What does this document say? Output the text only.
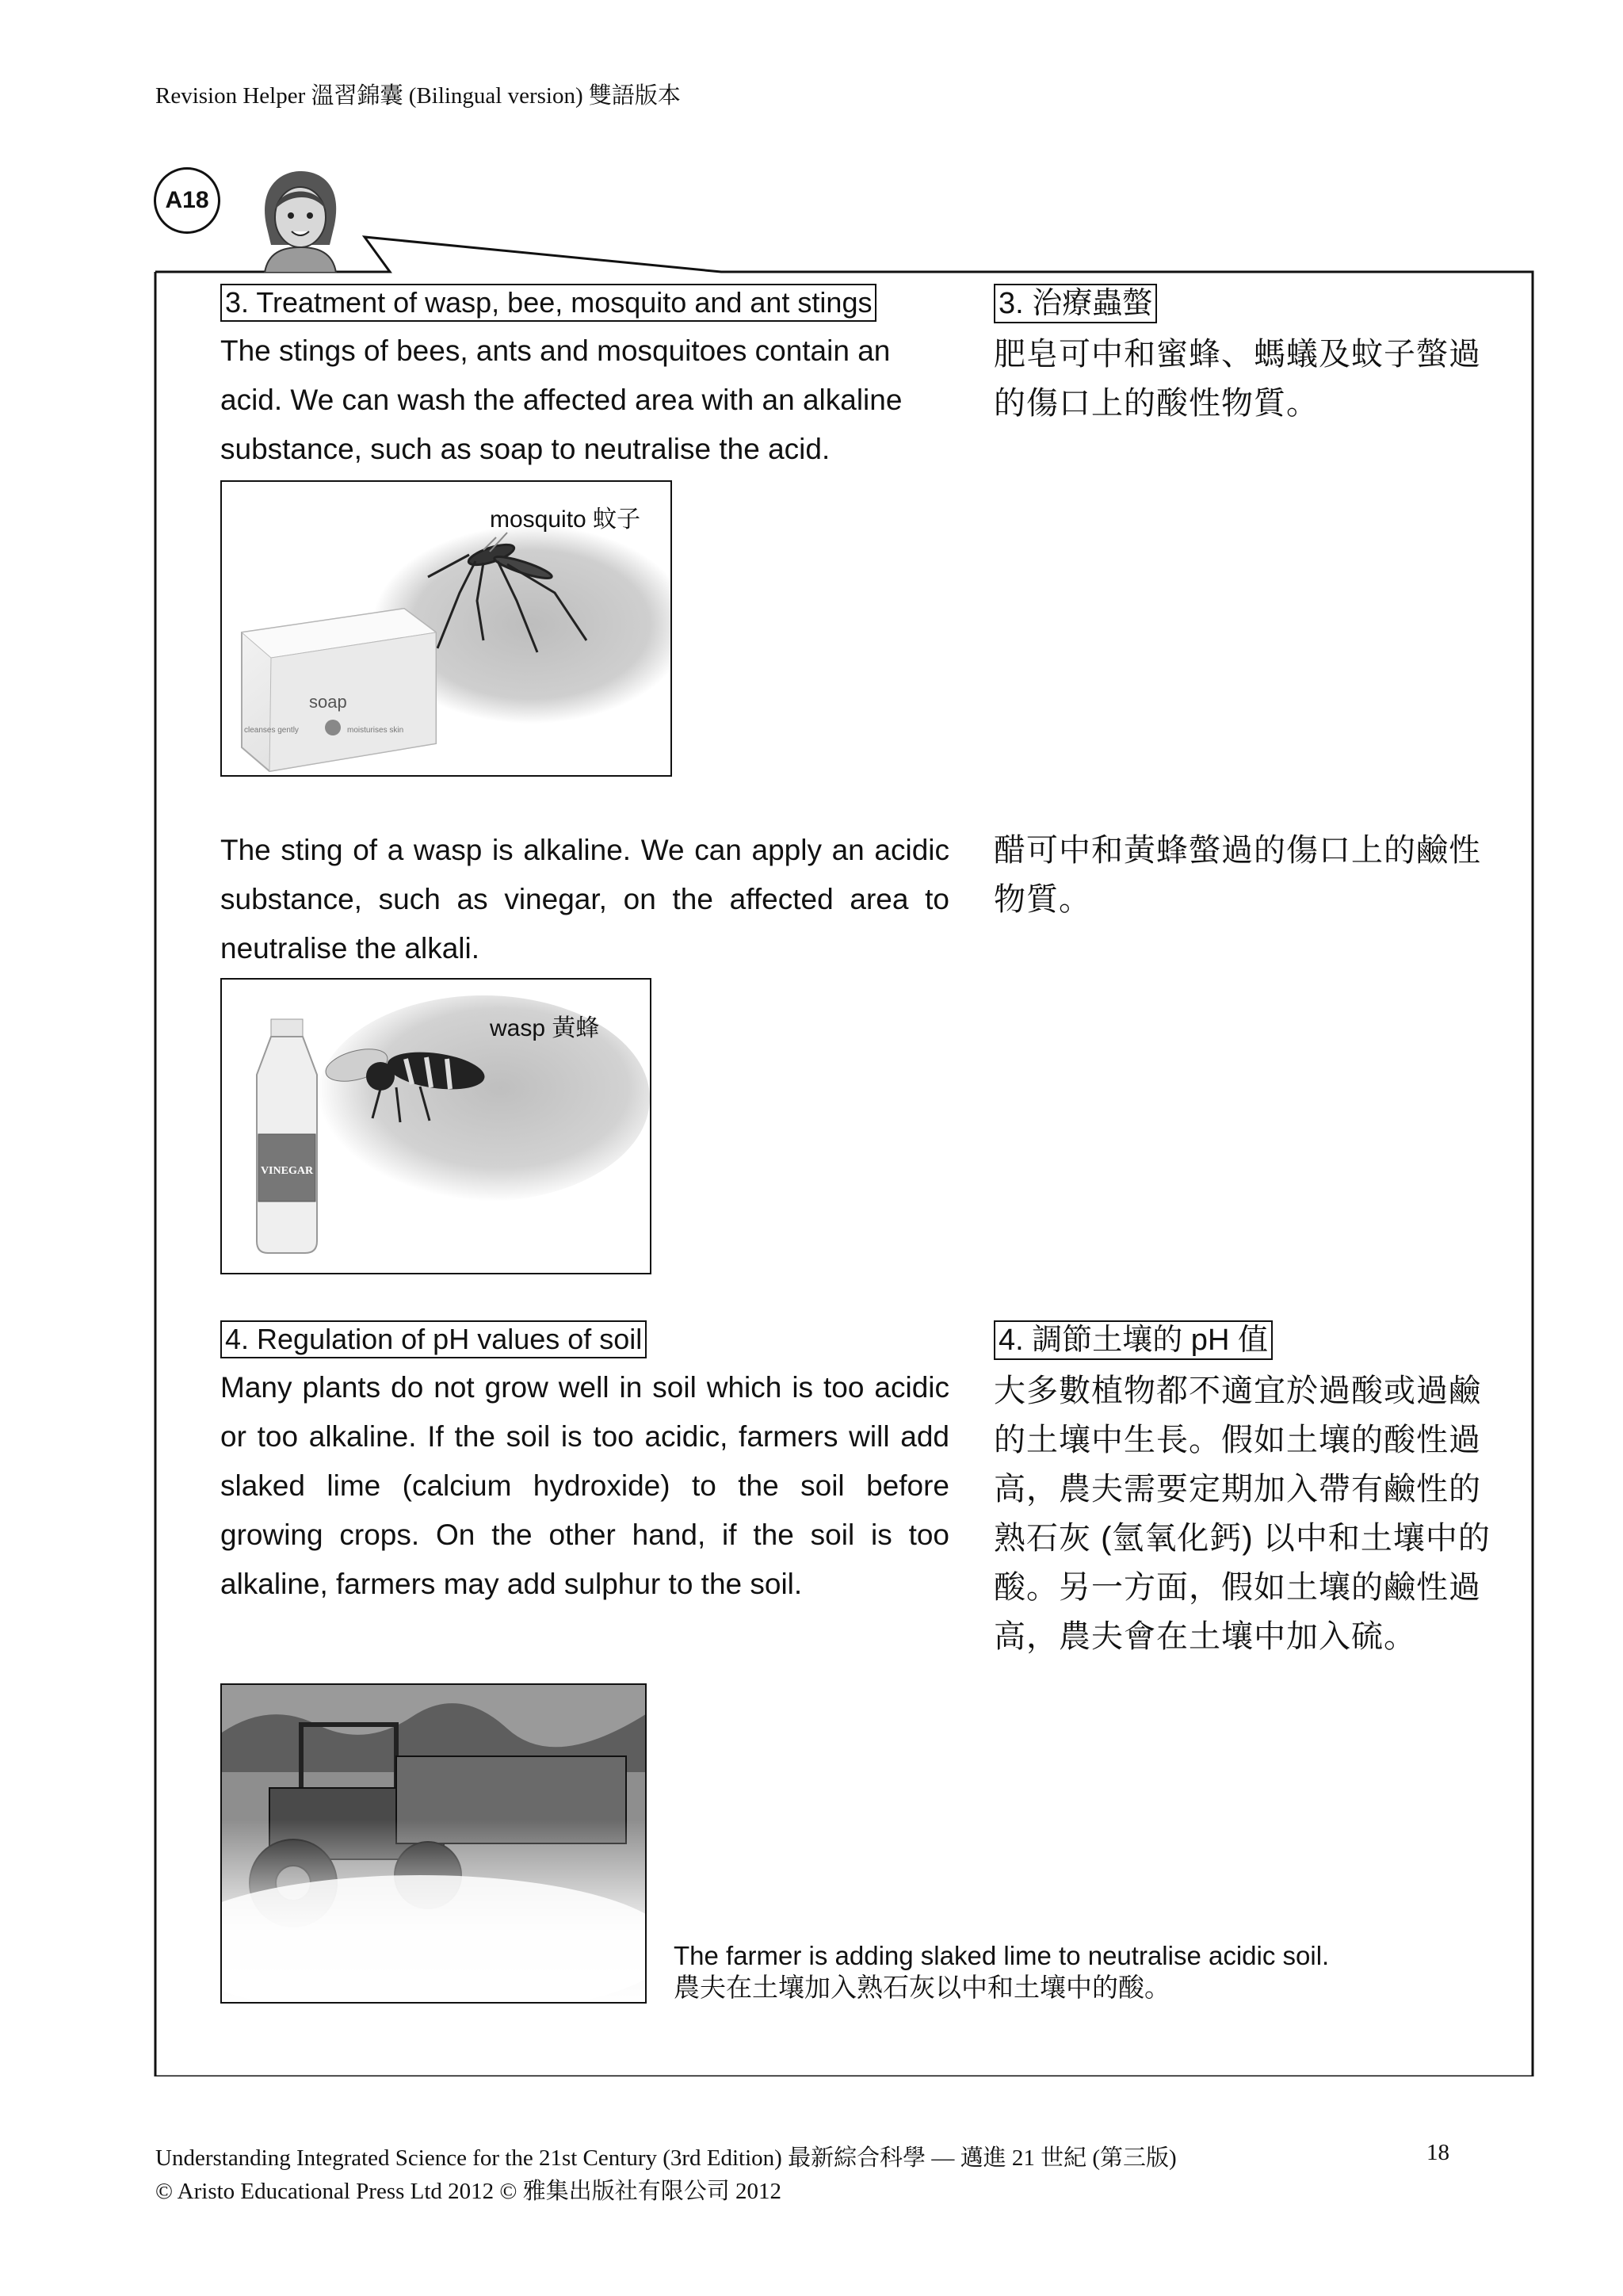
Revision Helper 溫習錦囊 (Bilingual version) 雙語版本
A18
3. Treatment of wasp, bee, mosquito and ant stings
The stings of bees, ants and mosquitoes contain an acid. We can wash the affected area with an alkaline substance, such as soap to neutralise the acid.
3. 治療蟲螫
肥皂可中和蜜蜂、螞蟻及蚊子螫過的傷口上的酸性物質。
soap
cleanses gently	moisturises skin
mosquito 蚊子
The sting of a wasp is alkaline. We can apply an acidic substance, such as vinegar, on the affected area to neutralise the alkali.
醋可中和黃蜂螫過的傷口上的鹼性物質。
VINEGAR
wasp 黃蜂
4. Regulation of pH values of soil
Many plants do not grow well in soil which is too acidic or too alkaline. If the soil is too acidic, farmers will add slaked lime (calcium hydroxide) to the soil before growing crops. On the other hand, if the soil is too alkaline, farmers may add sulphur to the soil.
4. 調節土壤的 pH 值
大多數植物都不適宜於過酸或過鹼的土壤中生長。假如土壤的酸性過高，農夫需要定期加入帶有鹼性的熟石灰 (氫氧化鈣) 以中和土壤中的酸。另一方面，假如土壤的鹼性過高，農夫會在土壤中加入硫。
The farmer is adding slaked lime to neutralise acidic soil.
農夫在土壤加入熟石灰以中和土壤中的酸。
Understanding Integrated Science for the 21st Century (3rd Edition) 最新綜合科學 — 邁進 21 世紀 (第三版)	18
© Aristo Educational Press Ltd 2012 © 雅集出版社有限公司 2012
